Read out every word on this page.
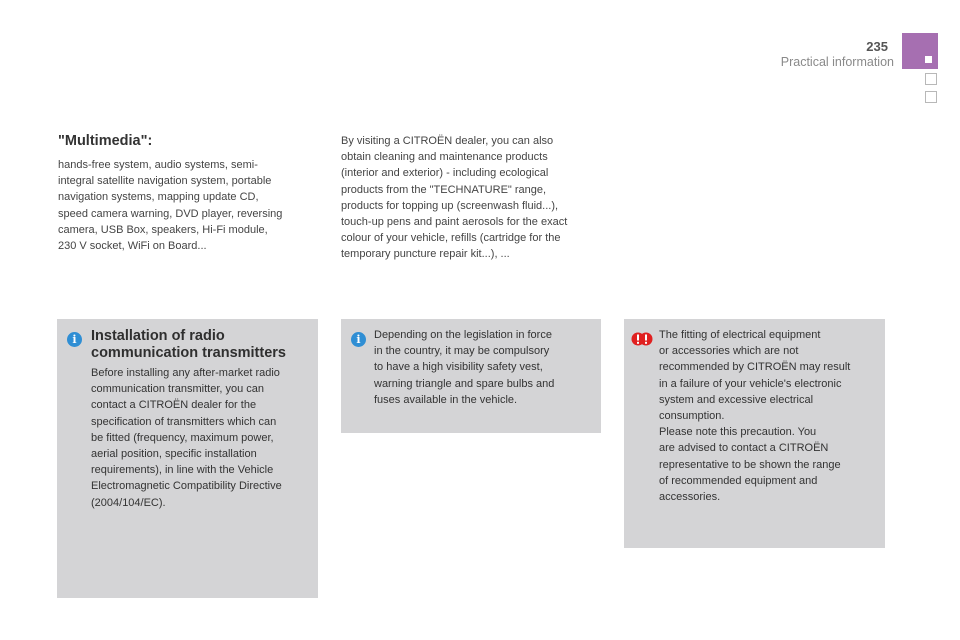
235
Practical information
"Multimedia":
hands-free system, audio systems, semi-
integral satellite navigation system, portable
navigation systems, mapping update CD,
speed camera warning, DVD player, reversing
camera, USB Box, speakers, Hi-Fi module,
230 V socket, WiFi on Board...
By visiting a CITROËN dealer, you can also
obtain cleaning and maintenance products
(interior and exterior) - including ecological
products from the "TECHNATURE" range,
products for topping up (screenwash fluid...),
touch-up pens and paint aerosols for the exact
colour of your vehicle, refills (cartridge for the
temporary puncture repair kit...), ...
i Installation of radio
communication transmitters
Before installing any after-market radio
communication transmitter, you can
contact a CITROËN dealer for the
specification of transmitters which can
be fitted (frequency, maximum power,
aerial position, specific installation
requirements), in line with the Vehicle
Electromagnetic Compatibility Directive
(2004/104/EC).
i	Depending on the legislation in force
in the country, it may be compulsory
to have a high visibility safety vest,
warning triangle and spare bulbs and
fuses available in the vehicle.
The fitting of electrical equipment
or accessories which are not
recommended by CITROËN may result
in a failure of your vehicle's electronic
system and excessive electrical
consumption.
Please note this precaution. You
are advised to contact a CITROËN
representative to be shown the range
of recommended equipment and
accessories.
